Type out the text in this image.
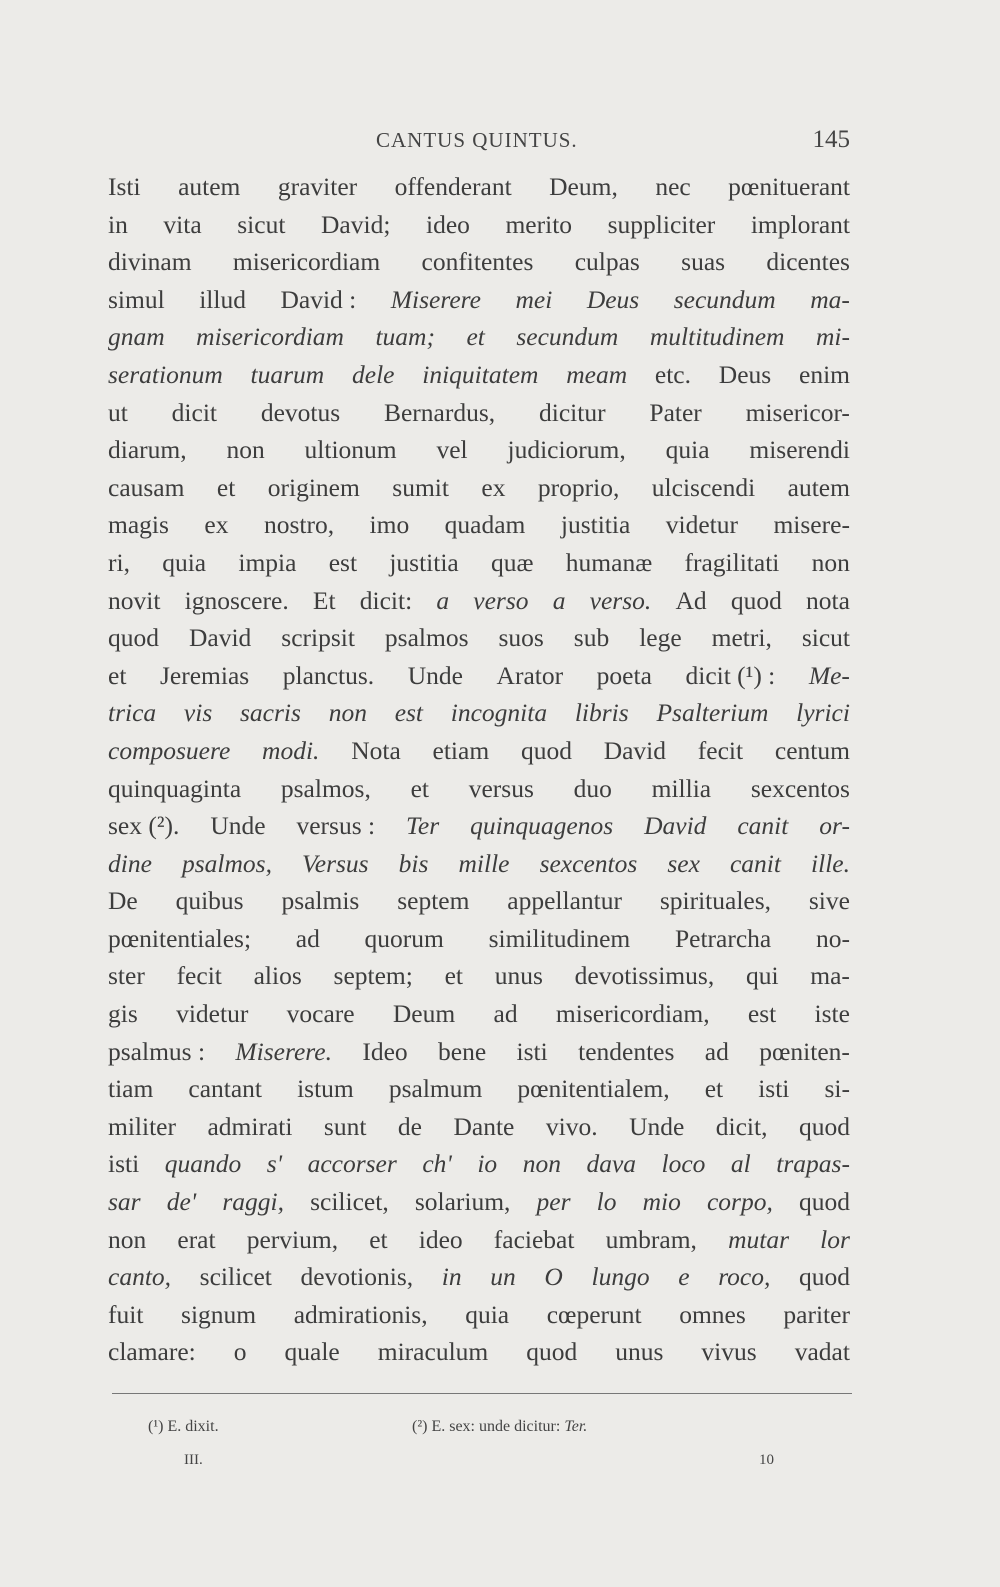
CANTUS QUINTUS.	145
Isti autem graviter offenderant Deum, nec pœnituerant
in vita sicut David; ideo merito suppliciter implorant
divinam misericordiam confitentes culpas suas dicentes
simul illud David : Miserere mei Deus secundum ma-
gnam misericordiam tuam; et secundum multitudinem mi-
serationum tuarum dele iniquitatem meam etc. Deus enim
ut dicit devotus Bernardus, dicitur Pater misericor-
diarum, non ultionum vel judiciorum, quia miserendi
causam et originem sumit ex proprio, ulciscendi autem
magis ex nostro, imo quadam justitia videtur misere-
ri, quia impia est justitia quæ humanæ fragilitati non
novit ignoscere. Et dicit: a verso a verso. Ad quod nota
quod David scripsit psalmos suos sub lege metri, sicut
et Jeremias planctus. Unde Arator poeta dicit (¹) : Me-
trica vis sacris non est incognita libris Psalterium lyrici
composuere modi. Nota etiam quod David fecit centum
quinquaginta psalmos, et versus duo millia sexcentos
sex (²). Unde versus : Ter quinquagenos David canit or-
dine psalmos, Versus bis mille sexcentos sex canit ille.
De quibus psalmis septem appellantur spirituales, sive
pœnitentiales; ad quorum similitudinem Petrarcha no-
ster fecit alios septem; et unus devotissimus, qui ma-
gis videtur vocare Deum ad misericordiam, est iste
psalmus : Miserere. Ideo bene isti tendentes ad pœniten-
tiam cantant istum psalmum pœnitentialem, et isti si-
militer admirati sunt de Dante vivo. Unde dicit, quod
isti quando s' accorser ch' io non dava loco al trapas-
sar de' raggi, scilicet, solarium, per lo mio corpo, quod
non erat pervium, et ideo faciebat umbram, mutar lor
canto, scilicet devotionis, in un O lungo e roco, quod
fuit signum admirationis, quia cœperunt omnes pariter
clamare: o quale miraculum quod unus vivus vadat
(¹) E. dixit.	(²) E. sex: unde dicitur: Ter.
III.	10
